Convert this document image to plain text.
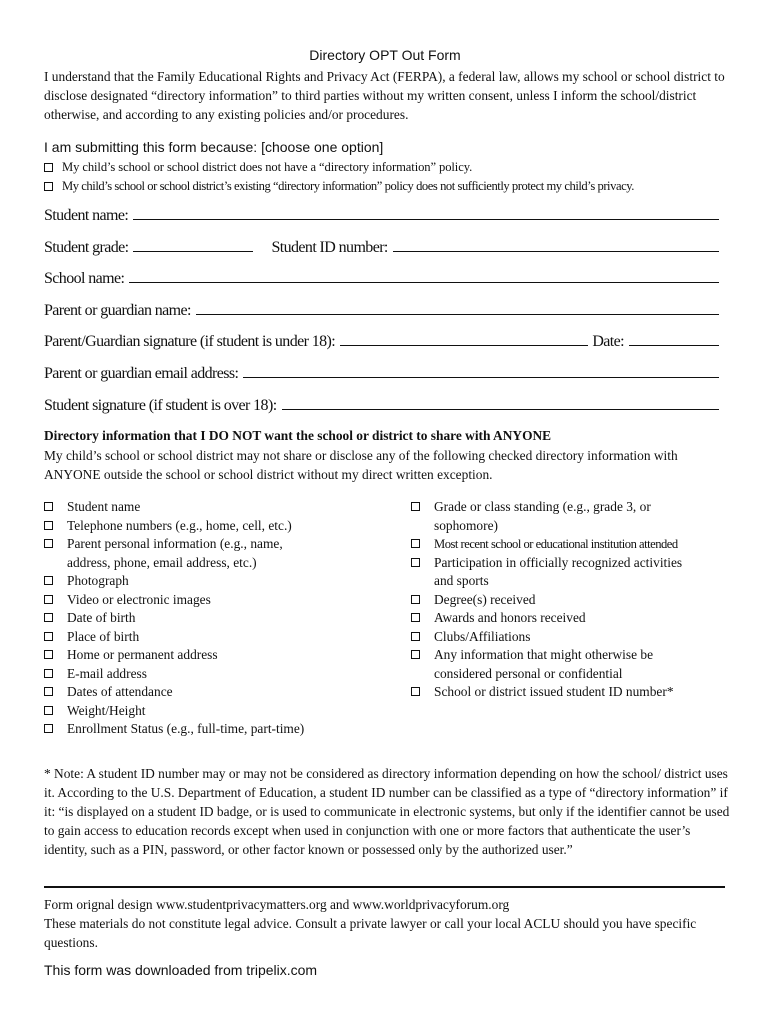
Directory OPT Out Form
I understand that the Family Educational Rights and Privacy Act (FERPA), a federal law, allows my school or school district to disclose designated “directory information” to third parties without my written consent, unless I inform the school/district otherwise, and according to any existing policies and/or procedures.
I am submitting this form because: [choose one option]
My child’s school or school district does not have a “directory information” policy.
My child’s school or school district’s existing “directory information” policy does not sufficiently protect my child’s privacy.
Student name:
Student grade:	Student ID number:
School name:
Parent or guardian name:
Parent/Guardian signature (if student is under 18):	Date:
Parent or guardian email address:
Student signature (if student is over 18):
Directory information that I DO NOT want the school or district to share with ANYONE
My child’s school or school district may not share or disclose any of the following checked directory information with ANYONE outside the school or school district without my direct written exception.
Student name
Telephone numbers (e.g., home, cell, etc.)
Parent personal information (e.g., name,
address, phone, email address, etc.)
Photograph
Video or electronic images
Date of birth
Place of birth
Home or permanent address
E-mail address
Dates of attendance
Weight/Height
Enrollment Status (e.g., full-time, part-time)
Grade or class standing (e.g., grade 3, or
sophomore)
Most recent school or educational institution attended
Participation in officially recognized activities
and sports
Degree(s) received
Awards and honors received
Clubs/Affiliations
Any information that might otherwise be
considered personal or confidential
School or district issued student ID number*
* Note: A student ID number may or may not be considered as directory information depending on how the school/ district uses it. According to the U.S. Department of Education, a student ID number can be classified as a type of “directory information” if it: “is displayed on a student ID badge, or is used to communicate in electronic systems, but only if the identifier cannot be used to gain access to education records except when used in conjunction with one or more factors that authenticate the user’s identity, such as a PIN, password, or other factor known or possessed only by the authorized user.”
Form orignal design www.studentprivacymatters.org and www.worldprivacyforum.org
These materials do not constitute legal advice. Consult a private lawyer or call your local ACLU should you have specific questions.
This form was downloaded from tripelix.com
